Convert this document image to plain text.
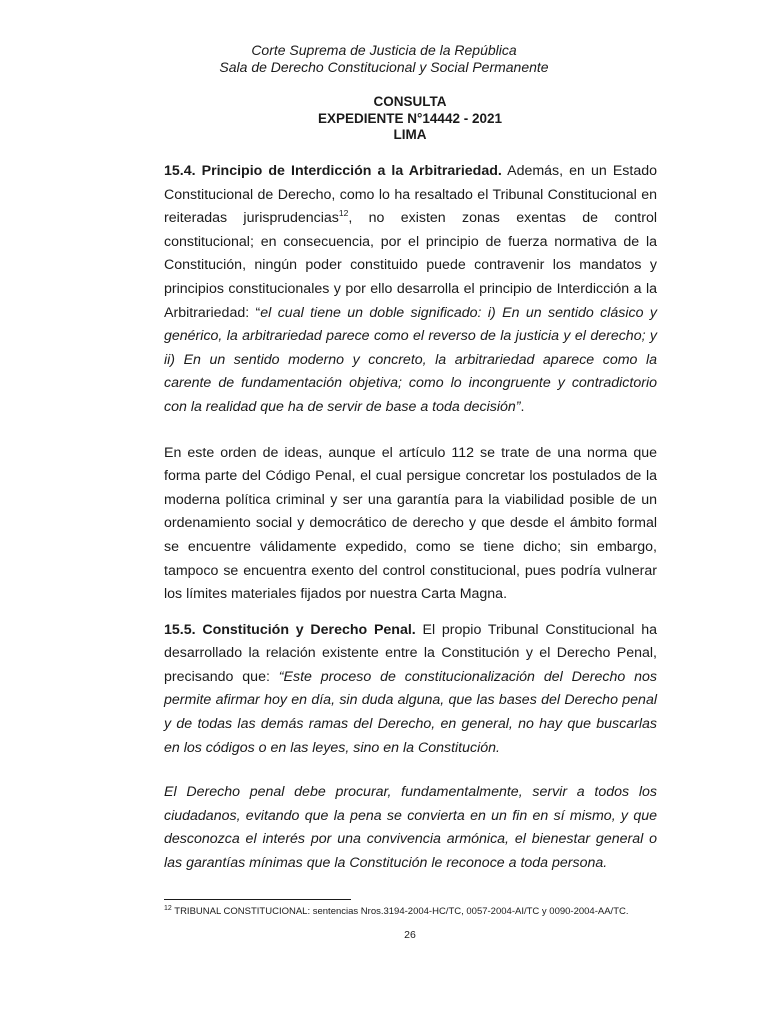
Corte Suprema de Justicia de la República
Sala de Derecho Constitucional y Social Permanente
CONSULTA
EXPEDIENTE N°14442 - 2021
LIMA

15.4. Principio de Interdicción a la Arbitrariedad. Además, en un Estado Constitucional de Derecho, como lo ha resaltado el Tribunal Constitucional en reiteradas jurisprudencias$^{12}$, no existen zonas exentas de control constitucional; en consecuencia, por el principio de fuerza normativa de la Constitución, ningún poder constituido puede contravenir los mandatos y principios constitucionales y por ello desarrolla el principio de Interdicción a la Arbitrariedad: “el cual tiene un doble significado: i) En un sentido clásico y genérico, la arbitrariedad parece como el reverso de la justicia y el derecho; y ii) En un sentido moderno y concreto, la arbitrariedad aparece como la carente de fundamentación objetiva; como lo incongruente y contradictorio con la realidad que ha de servir de base a toda decisión”.

En este orden de ideas, aunque el artículo 112 se trate de una norma que forma parte del Código Penal, el cual persigue concretar los postulados de la moderna política criminal y ser una garantía para la viabilidad posible de un ordenamiento social y democrático de derecho y que desde el ámbito formal se encuentre válidamente expedido, como se tiene dicho; sin embargo, tampoco se encuentra exento del control constitucional, pues podría vulnerar los límites materiales fijados por nuestra Carta Magna.

15.5. Constitución y Derecho Penal. El propio Tribunal Constitucional ha desarrollado la relación existente entre la Constitución y el Derecho Penal, precisando que: “Este proceso de constitucionalización del Derecho nos permite afirmar hoy en día, sin duda alguna, que las bases del Derecho penal y de todas las demás ramas del Derecho, en general, no hay que buscarlas en los códigos o en las leyes, sino en la Constitución.

El Derecho penal debe procurar, fundamentalmente, servir a todos los ciudadanos, evitando que la pena se convierta en un fin en sí mismo, y que desconozca el interés por una convivencia armónica, el bienestar general o las garantías mínimas que la Constitución le reconoce a toda persona.

$^{12}$ TRIBUNAL CONSTITUCIONAL: sentencias Nros.3194-2004-HC/TC, 0057-2004-AI/TC y 0090-2004-AA/TC.
26
